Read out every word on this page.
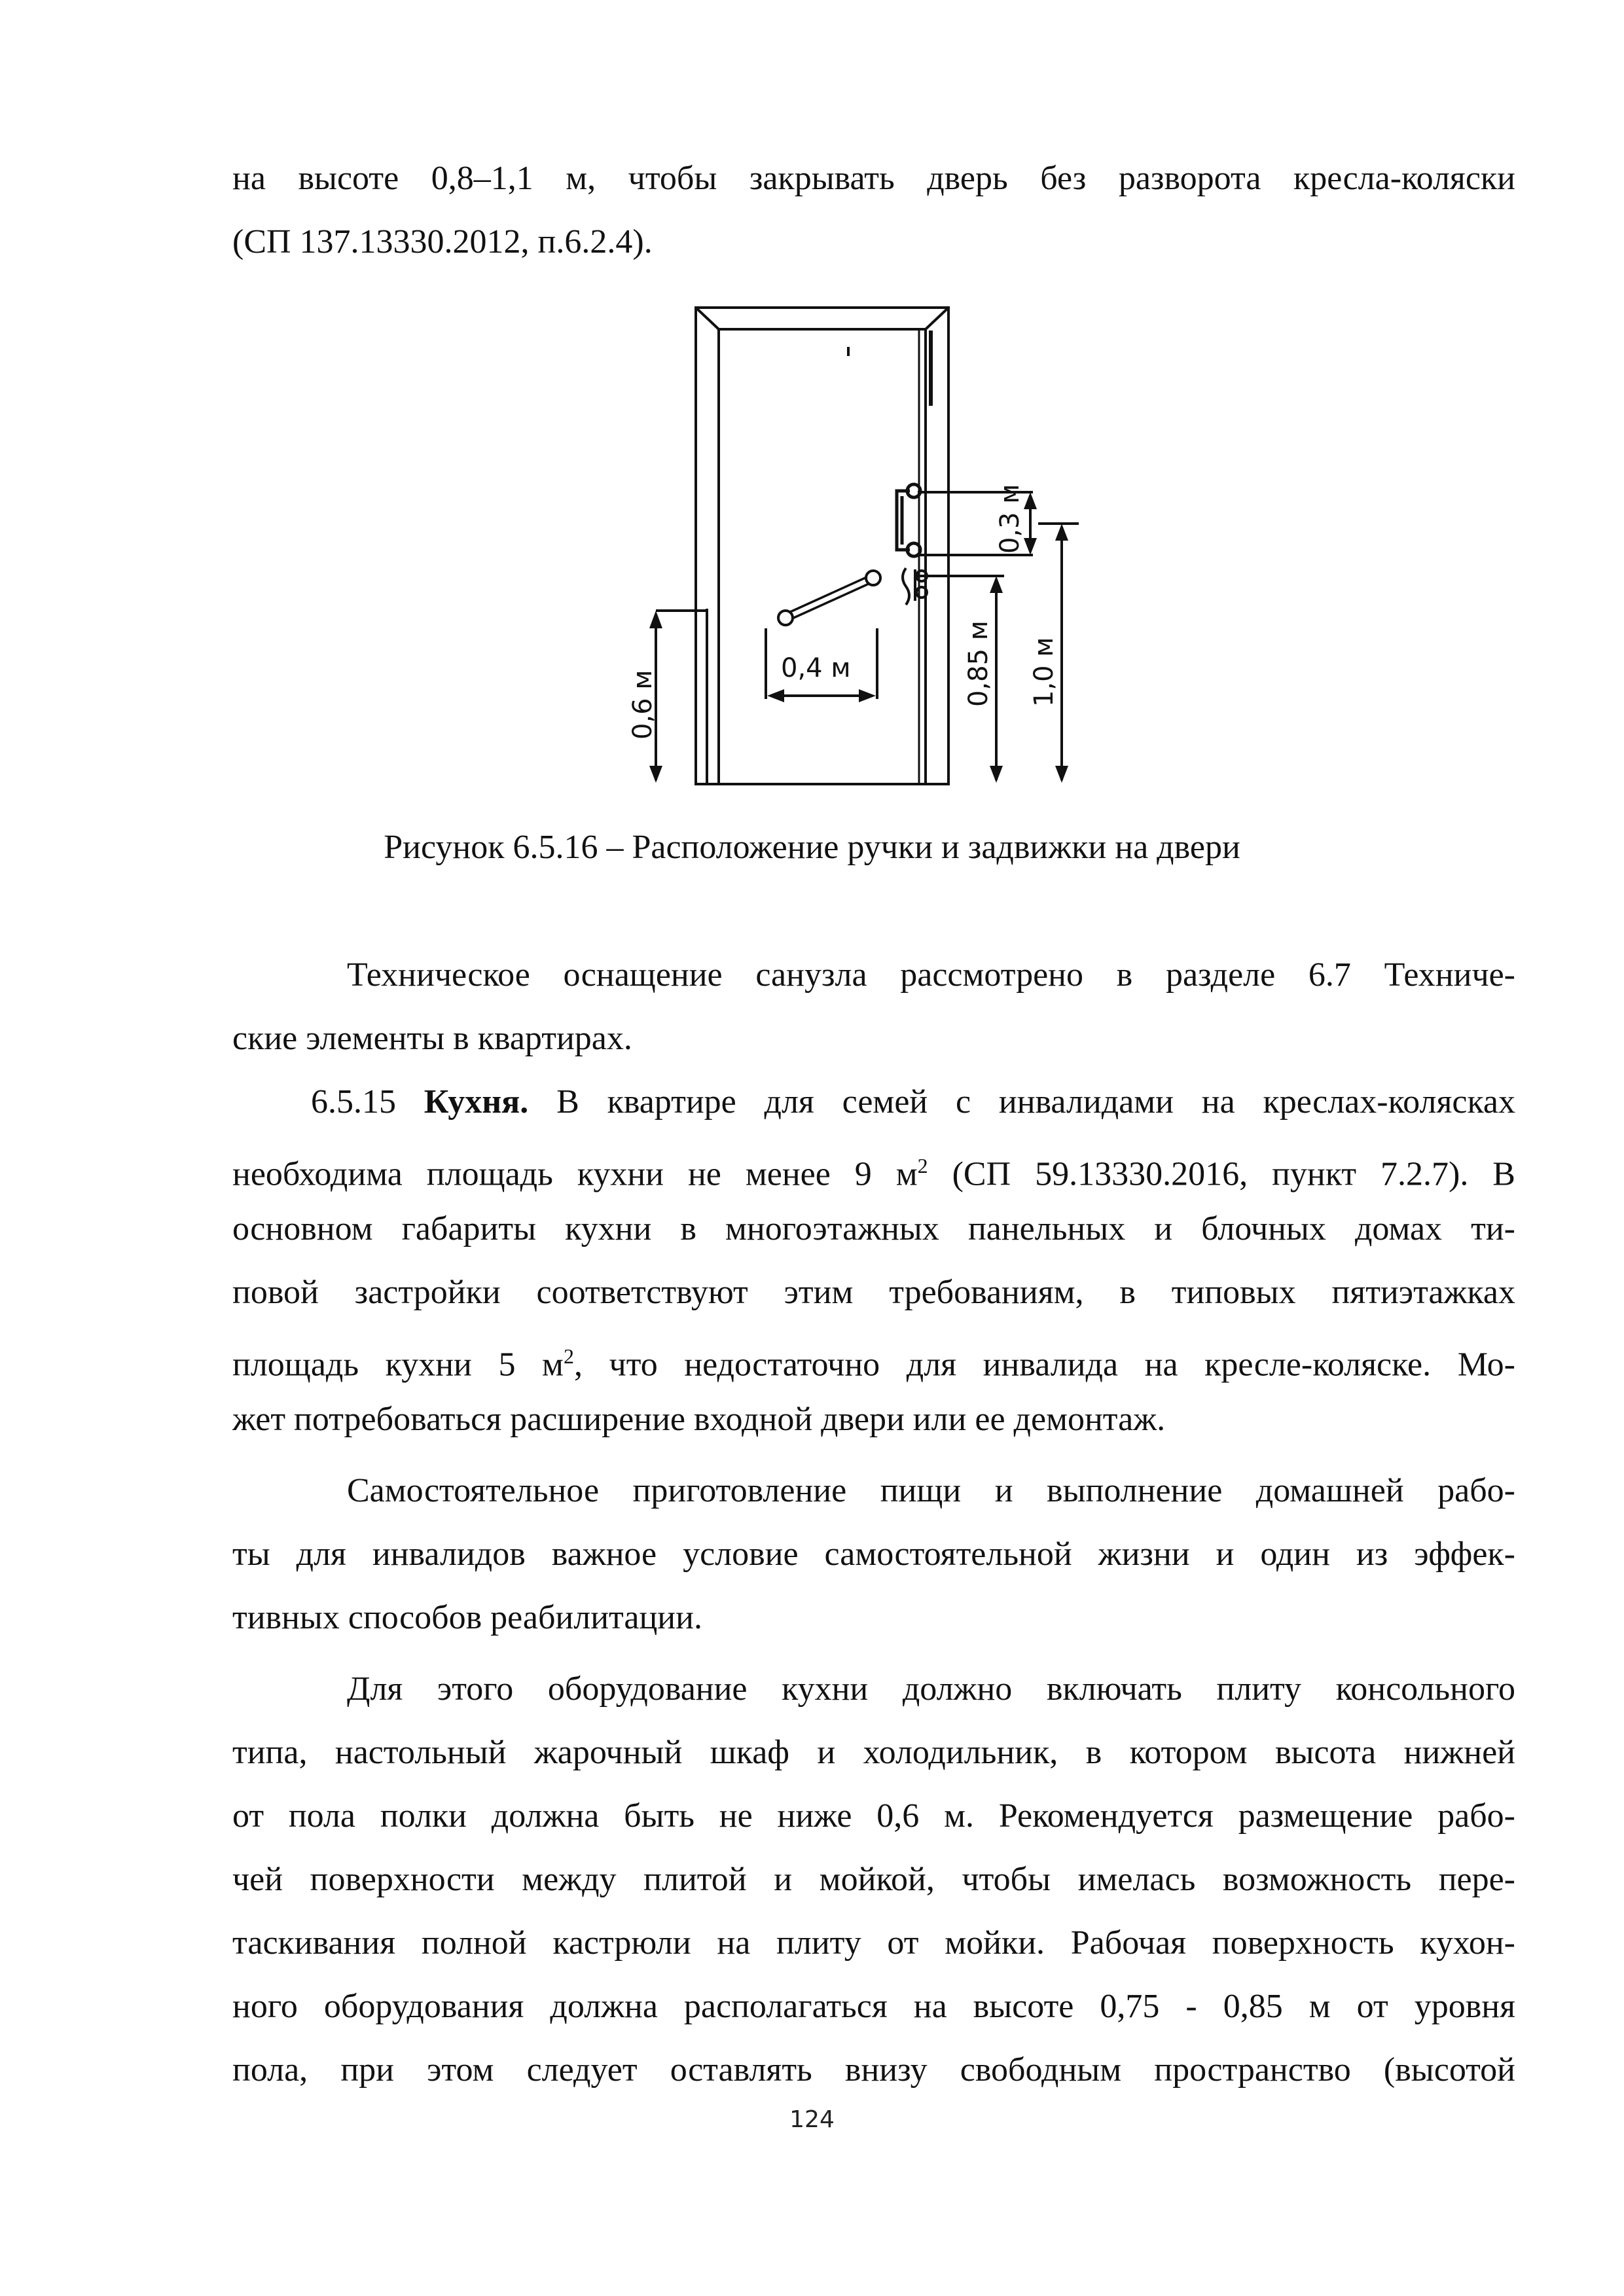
на высоте 0,8–1,1 м, чтобы закрывать дверь без разворота кресла-коляски
(СП 137.13330.2012, п.6.2.4).
0,6 м
0,4 м	0,85 м
0,3 м
1,0 м
Рисунок 6.5.16 – Расположение ручки и задвижки на двери
Техническое оснащение санузла рассмотрено в разделе 6.7 Техниче-
ские элементы в квартирах.
6.5.15 Кухня. В квартире для семей с инвалидами на креслах-колясках
необходима площадь кухни не менее 9 $м^2$ (СП 59.13330.2016, пункт 7.2.7). В
основном габариты кухни в многоэтажных панельных и блочных домах ти-
повой застройки соответствуют этим требованиям, в типовых пятиэтажках
площадь кухни 5 $м^2$, что недостаточно для инвалида на кресле-коляске. Мо-
жет потребоваться расширение входной двери или ее демонтаж.
Самостоятельное приготовление пищи и выполнение домашней рабо-
ты для инвалидов важное условие самостоятельной жизни и один из эффек-
тивных способов реабилитации.
Для этого оборудование кухни должно включать плиту консольного
типа, настольный жарочный шкаф и холодильник, в котором высота нижней
от пола полки должна быть не ниже 0,6 м. Рекомендуется размещение рабо-
чей поверхности между плитой и мойкой, чтобы имелась возможность пере-
таскивания полной кастрюли на плиту от мойки. Рабочая поверхность кухон-
ного оборудования должна располагаться на высоте 0,75 - 0,85 м от уровня
пола, при этом следует оставлять внизу свободным пространство (высотой
124
